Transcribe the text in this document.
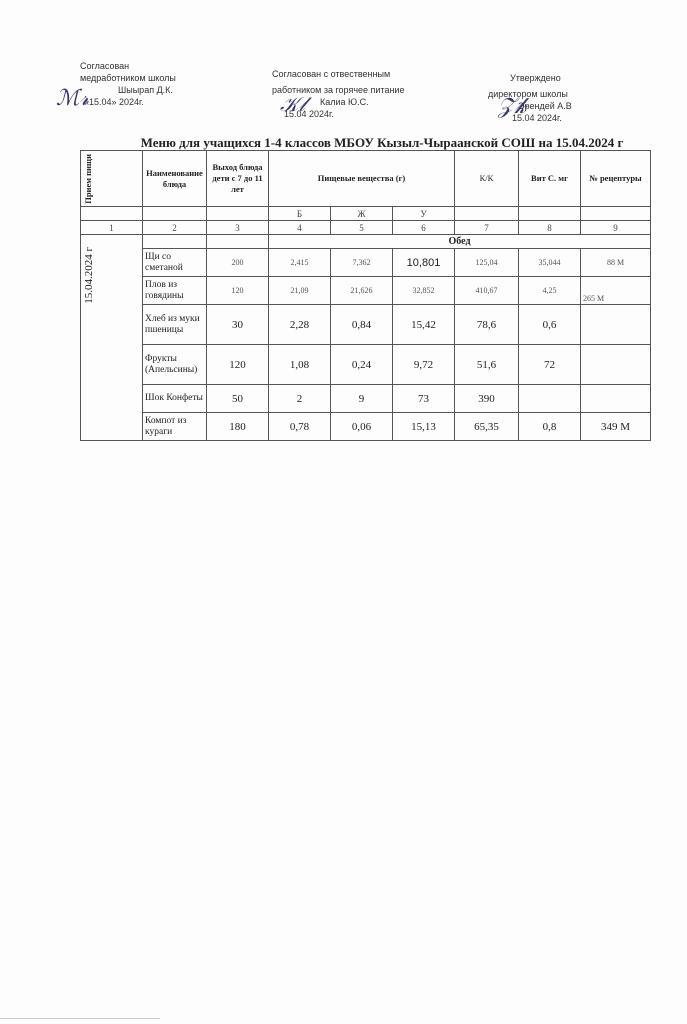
Согласован
медработником школы
Шыырап Д.К.
«15.04» 2024г.
ℳ𝓇
Согласован с отвественным
работником за горячее питание
Калиа Ю.С.
15.04 2024г.
𝒦𝓁
Утверждено
директором школы
Эрендей А.В
15.04 2024г.
𝒵𝓀
Меню для учащихся 1-4 классов МБОУ Кызыл-Чыраанской СОШ на 15.04.2024 г
Прием пищи	Наименование блюда	Выход блюда дети с 7 до 11 лет	Пищевые вещества (г)			К/К	Вит С. мг	№ рецептуры
			Б	Ж	У			
1	2	3	4	5	6	7	8	9

15.04.2024 г			Обед					
	Щи со сметаной	200	2,415	7,362	10,801	125,04	35,044	88 М
	Плов из говядины	120	21,09	21,626	32,852	410,67	4,25	265 М
	Хлеб из муки пшеницы	30	2,28	0,84	15,42	78,6	0,6	
	Фрукты (Апельсины)	120	1,08	0,24	9,72	51,6	72	
	Шок Конфеты	50	2	9	73	390		
	Компот из кураги	180	0,78	0,06	15,13	65,35	0,8	349 М
